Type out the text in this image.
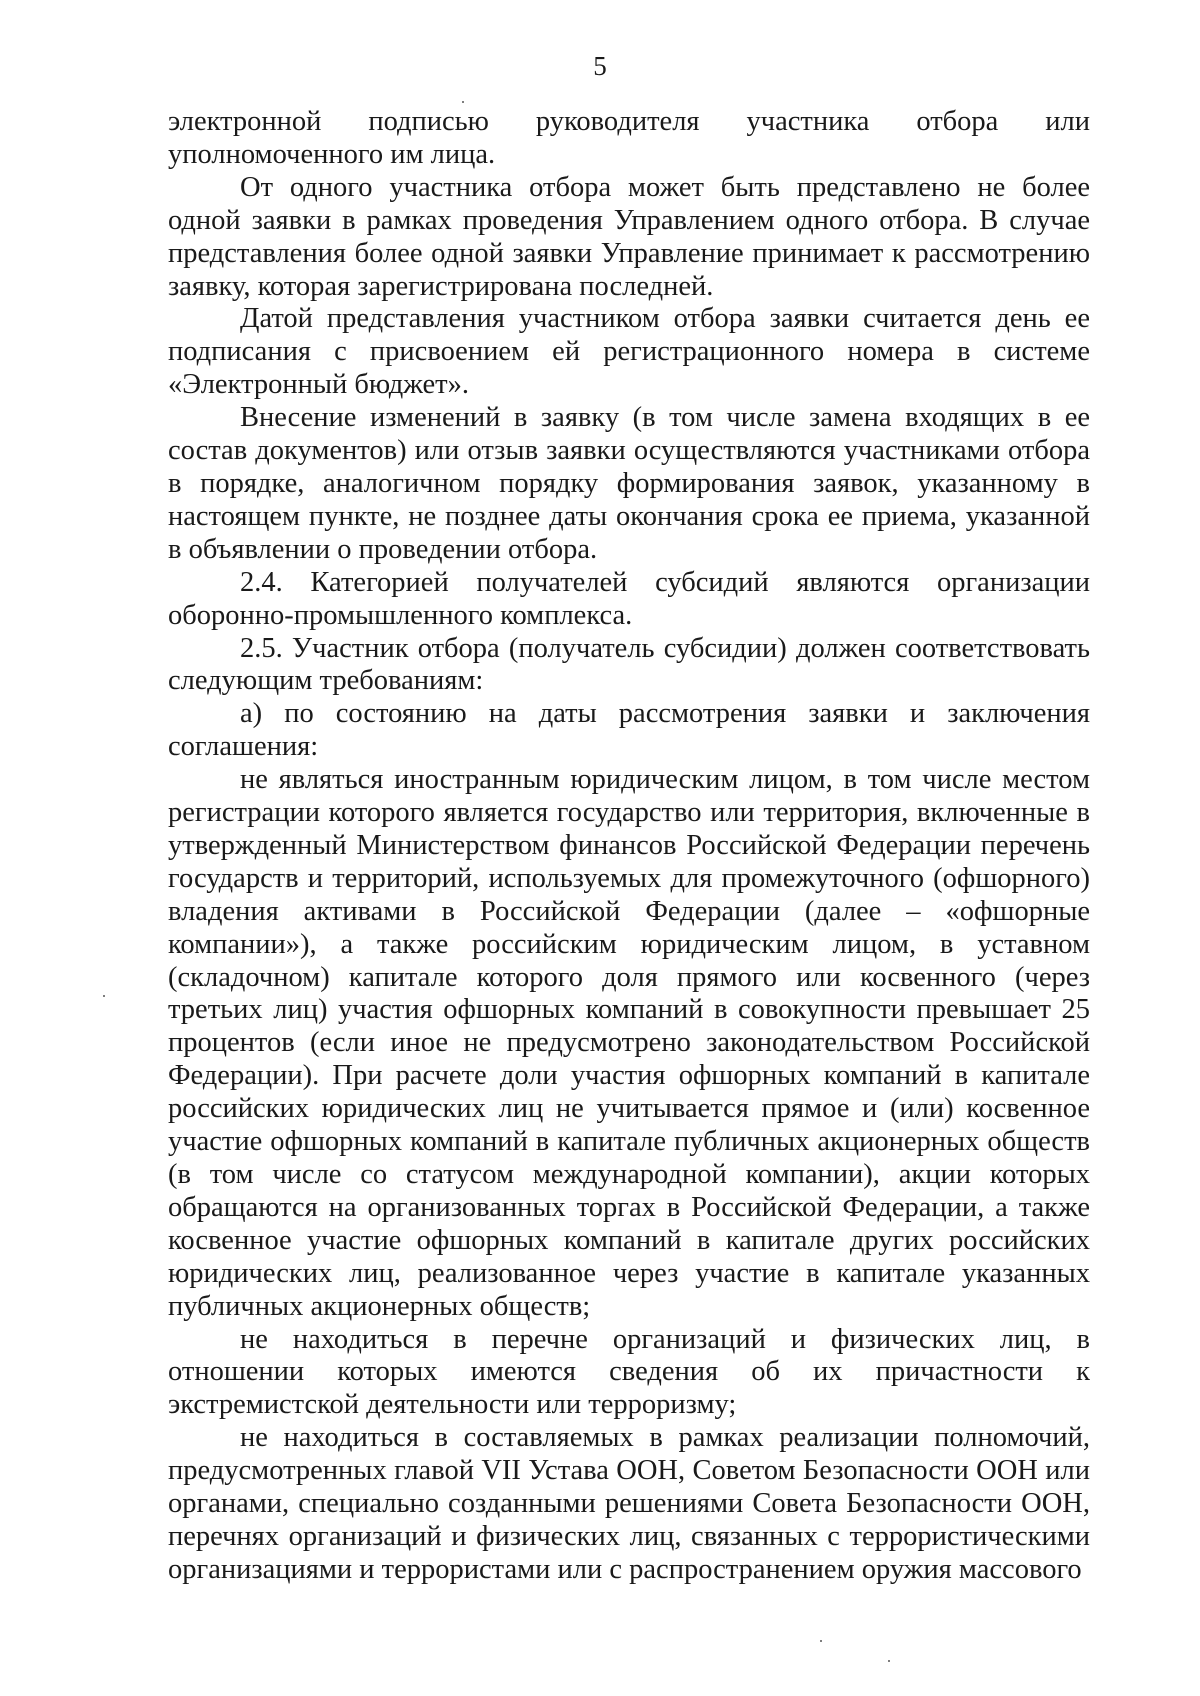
5

электронной подписью руководителя участника отбора или уполномоченного им лица.

От одного участника отбора может быть представлено не более одной заявки в рамках проведения Управлением одного отбора. В случае представления более одной заявки Управление принимает к рассмотрению заявку, которая зарегистрирована последней.

Датой представления участником отбора заявки считается день ее подписания с присвоением ей регистрационного номера в системе «Электронный бюджет».

Внесение изменений в заявку (в том числе замена входящих в ее состав документов) или отзыв заявки осуществляются участниками отбора в порядке, аналогичном порядку формирования заявок, указанному в настоящем пункте, не позднее даты окончания срока ее приема, указанной в объявлении о проведении отбора.

2.4. Категорией получателей субсидий являются организации оборонно-промышленного комплекса.

2.5. Участник отбора (получатель субсидии) должен соответствовать следующим требованиям:

а) по состоянию на даты рассмотрения заявки и заключения соглашения:

не являться иностранным юридическим лицом, в том числе местом регистрации которого является государство или территория, включенные в утвержденный Министерством финансов Российской Федерации перечень государств и территорий, используемых для промежуточного (офшорного) владения активами в Российской Федерации (далее – «офшорные компании»), а также российским юридическим лицом, в уставном (складочном) капитале которого доля прямого или косвенного (через третьих лиц) участия офшорных компаний в совокупности превышает 25 процентов (если иное не предусмотрено законодательством Российской Федерации). При расчете доли участия офшорных компаний в капитале российских юридических лиц не учитывается прямое и (или) косвенное участие офшорных компаний в капитале публичных акционерных обществ (в том числе со статусом международной компании), акции которых обращаются на организованных торгах в Российской Федерации, а также косвенное участие офшорных компаний в капитале других российских юридических лиц, реализованное через участие в капитале указанных публичных акционерных обществ;

не находиться в перечне организаций и физических лиц, в отношении которых имеются сведения об их причастности к экстремистской деятельности или терроризму;

не находиться в составляемых в рамках реализации полномочий, предусмотренных главой VII Устава ООН, Советом Безопасности ООН или органами, специально созданными решениями Совета Безопасности ООН, перечнях организаций и физических лиц, связанных с террористическими организациями и террористами или с распространением оружия массового
